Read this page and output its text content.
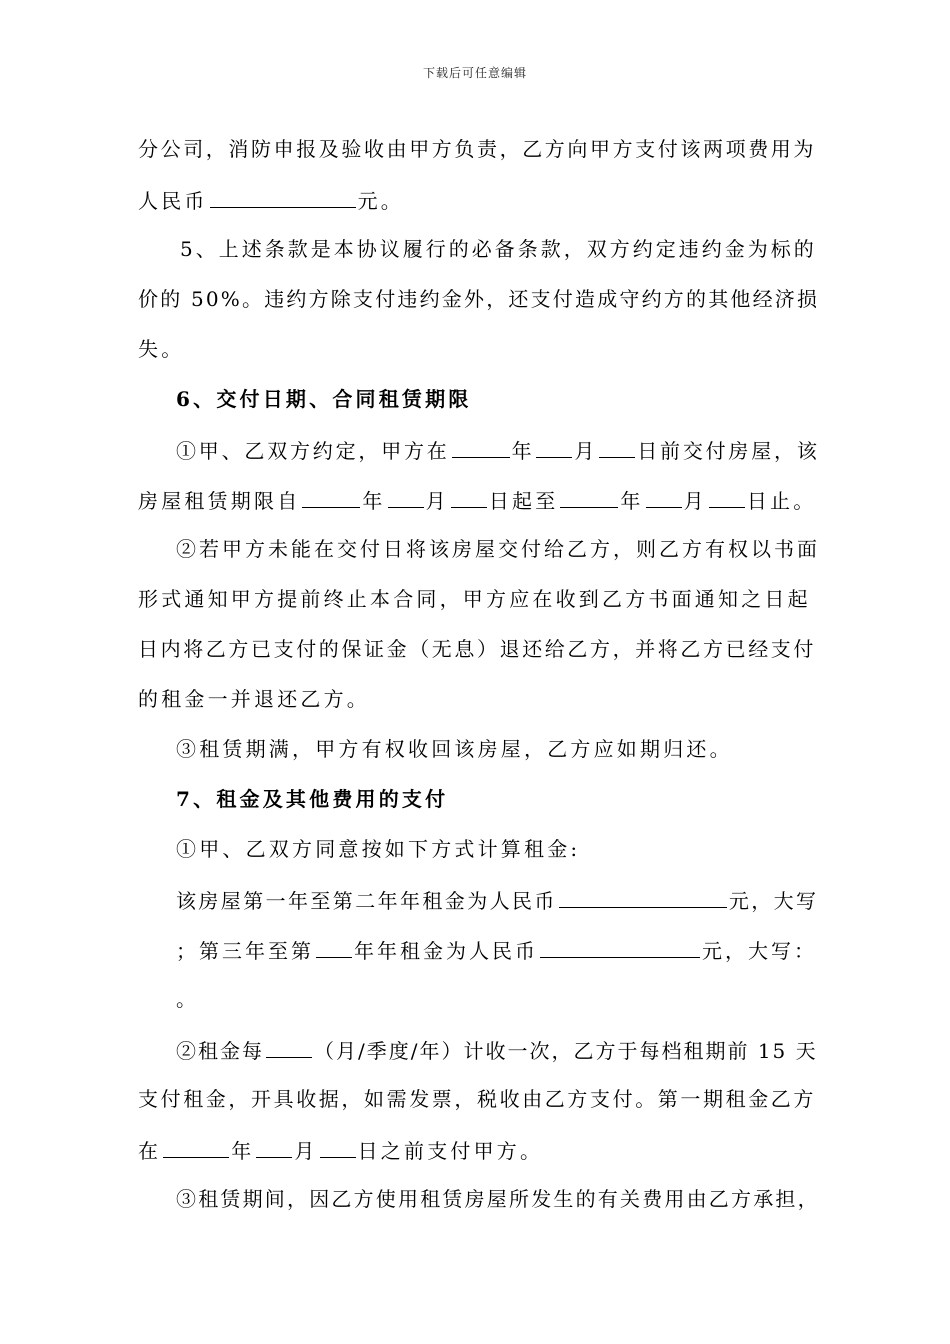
下载后可任意编辑
分公司，消防申报及验收由甲方负责，乙方向甲方支付该两项费用为
人民币	元。
5、上述条款是本协议履行的必备条款，双方约定违约金为标的
价的 50%。违约方除支付违约金外，还支付造成守约方的其他经济损
失。
6、交付日期、合同租赁期限
①甲、乙双方约定，甲方在	年 月 日前交付房屋，该
房屋租赁期限自	年 月 日起至	年 月 日止。
②若甲方未能在交付日将该房屋交付给乙方，则乙方有权以书面
形式通知甲方提前终止本合同，甲方应在收到乙方书面通知之日起
日内将乙方已支付的保证金（无息）退还给乙方，并将乙方已经支付
的租金一并退还乙方。
③租赁期满，甲方有权收回该房屋，乙方应如期归还。
7、租金及其他费用的支付
①甲、乙双方同意按如下方式计算租金:
该房屋第一年至第二年年租金为人民币	元，大写
；第三年至第 年年租金为人民币	元，大写：
。
②租金每	（月/季度/年）计收一次，乙方于每档租期前 15 天
支付租金，开具收据，如需发票，税收由乙方支付。第一期租金乙方
在	年 月 日之前支付甲方。
③租赁期间，因乙方使用租赁房屋所发生的有关费用由乙方承担，
